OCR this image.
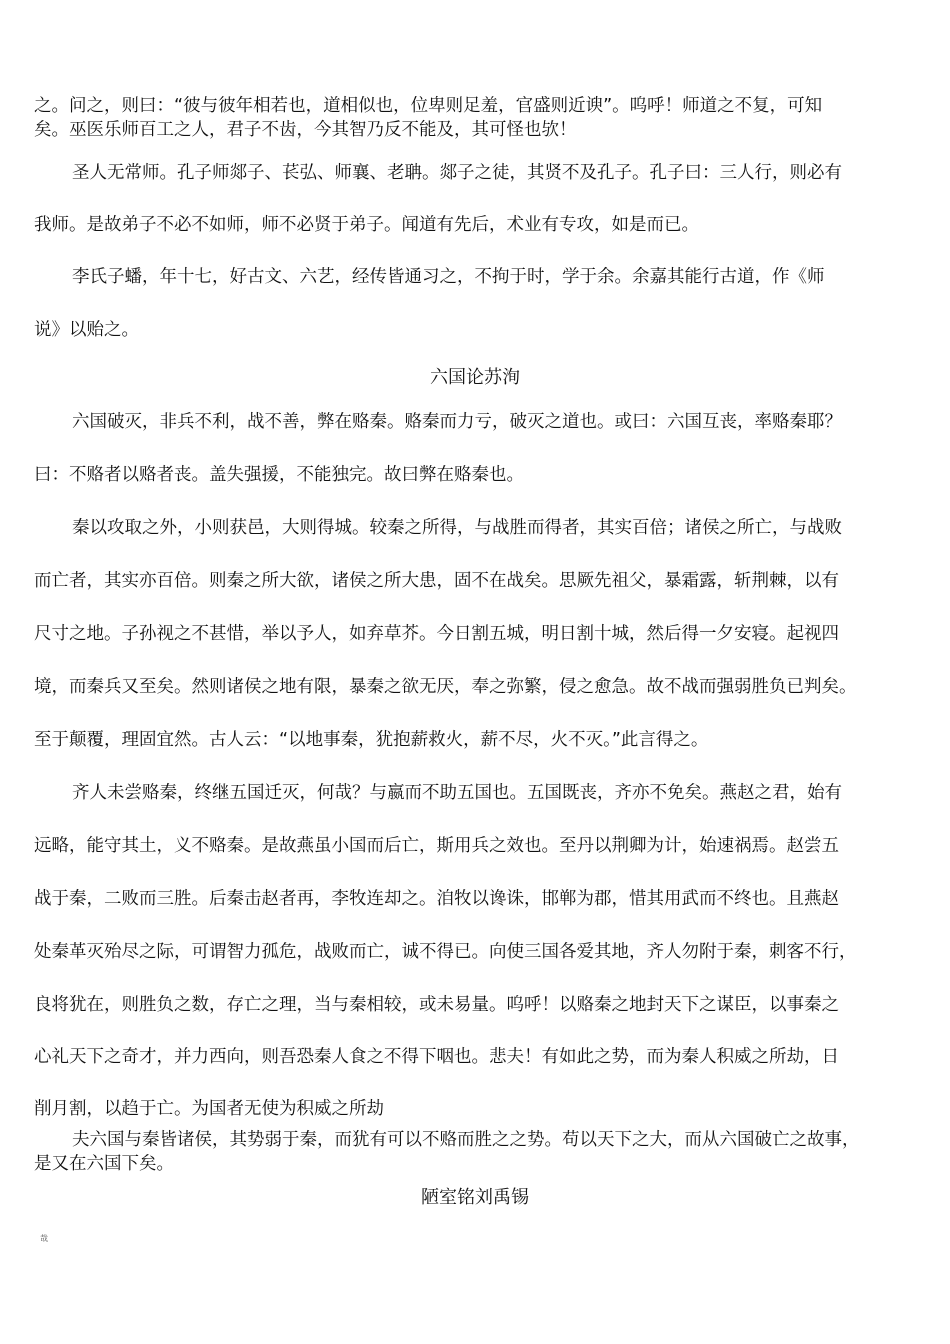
之。问之，则曰：“彼与彼年相若也，道相似也，位卑则足羞，官盛则近谀”。呜呼！师道之不复，可知
矣。巫医乐师百工之人，君子不齿，今其智乃反不能及，其可怪也欤！
圣人无常师。孔子师郯子、苌弘、师襄、老聃。郯子之徒，其贤不及孔子。孔子曰：三人行，则必有
我师。是故弟子不必不如师，师不必贤于弟子。闻道有先后，术业有专攻，如是而已。
李氏子蟠，年十七，好古文、六艺，经传皆通习之，不拘于时，学于余。余嘉其能行古道，作《师
说》以贻之。
六国论苏洵
六国破灭，非兵不利，战不善，弊在赂秦。赂秦而力亏，破灭之道也。或曰：六国互丧，率赂秦耶？
曰：不赂者以赂者丧。盖失强援，不能独完。故曰弊在赂秦也。
秦以攻取之外，小则获邑，大则得城。较秦之所得，与战胜而得者，其实百倍；诸侯之所亡，与战败
而亡者，其实亦百倍。则秦之所大欲，诸侯之所大患，固不在战矣。思厥先祖父，暴霜露，斩荆棘，以有
尺寸之地。子孙视之不甚惜，举以予人，如弃草芥。今日割五城，明日割十城，然后得一夕安寝。起视四
境，而秦兵又至矣。然则诸侯之地有限，暴秦之欲无厌，奉之弥繁，侵之愈急。故不战而强弱胜负已判矣。
至于颠覆，理固宜然。古人云：“以地事秦，犹抱薪救火，薪不尽，火不灭。”此言得之。
齐人未尝赂秦，终继五国迁灭，何哉？与嬴而不助五国也。五国既丧，齐亦不免矣。燕赵之君，始有
远略，能守其土，义不赂秦。是故燕虽小国而后亡，斯用兵之效也。至丹以荆卿为计，始速祸焉。赵尝五
战于秦，二败而三胜。后秦击赵者再，李牧连却之。洎牧以谗诛，邯郸为郡，惜其用武而不终也。且燕赵
处秦革灭殆尽之际，可谓智力孤危，战败而亡，诚不得已。向使三国各爱其地，齐人勿附于秦，刺客不行，
良将犹在，则胜负之数，存亡之理，当与秦相较，或未易量。呜呼！以赂秦之地封天下之谋臣，以事秦之
心礼天下之奇才，并力西向，则吾恐秦人食之不得下咽也。悲夫！有如此之势，而为秦人积威之所劫，日
削月割，以趋于亡。为国者无使为积威之所劫
夫六国与秦皆诸侯，其势弱于秦，而犹有可以不赂而胜之之势。苟以天下之大，而从六国破亡之故事，
是又在六国下矣。
陋室铭刘禹锡
哉
